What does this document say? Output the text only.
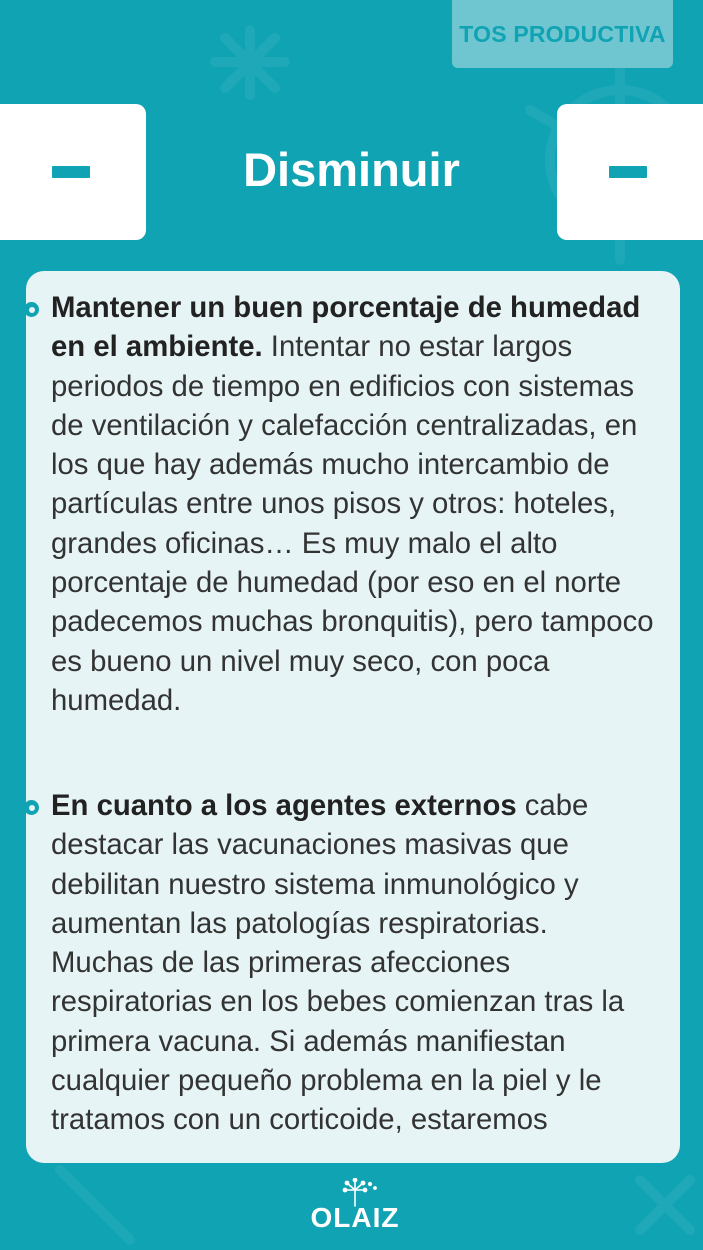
TOS PRODUCTIVA
Disminuir

Mantener un buen porcentaje de humedad en el ambiente. Intentar no estar largos periodos de tiempo en edificios con sistemas de ventilación y calefacción centralizadas, en los que hay además mucho intercambio de partículas entre unos pisos y otros: hoteles, grandes oficinas… Es muy malo el alto porcentaje de humedad (por eso en el norte padecemos muchas bronquitis), pero tampoco es bueno un nivel muy seco, con poca humedad.

En cuanto a los agentes externos cabe destacar las vacunaciones masivas que debilitan nuestro sistema inmunológico y aumentan las patologías respiratorias. Muchas de las primeras afecciones respiratorias en los bebes comienzan tras la primera vacuna. Si además manifiestan cualquier pequeño problema en la piel y le tratamos con un corticoide, estaremos

OLAIZ
